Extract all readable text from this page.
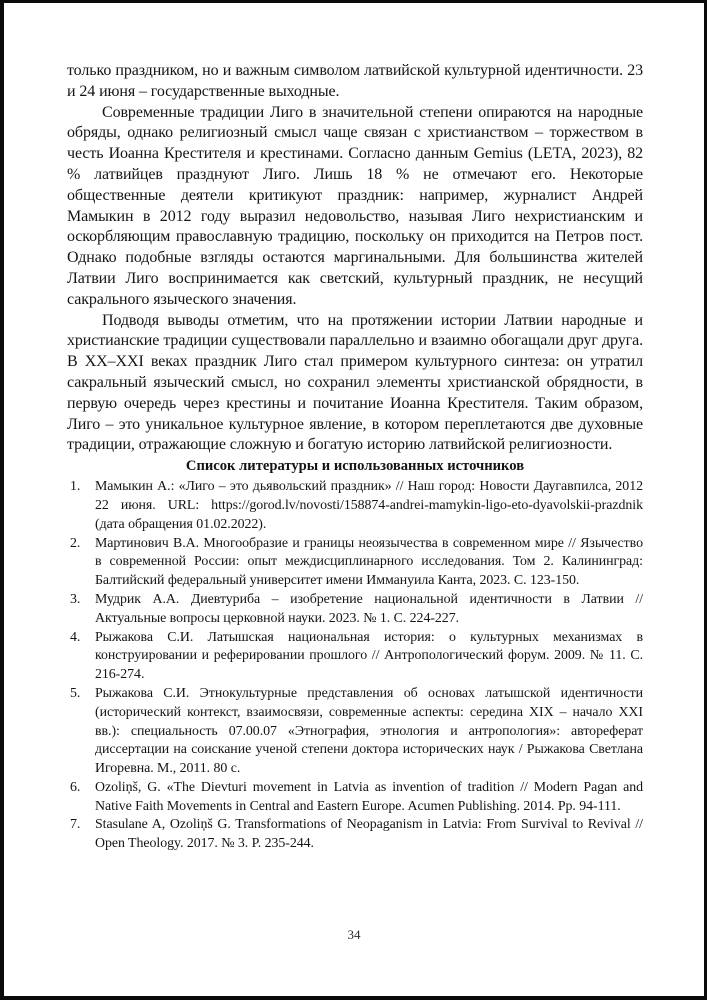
только праздником, но и важным символом латвийской культурной идентичности. 23 и 24 июня – государственные выходные.

Современные традиции Лиго в значительной степени опираются на народные обряды, однако религиозный смысл чаще связан с христианством – торжеством в честь Иоанна Крестителя и крестинами. Согласно данным Gemius (LETA, 2023), 82 % латвийцев празднуют Лиго. Лишь 18 % не отмечают его. Некоторые общественные деятели критикуют праздник: например, журналист Андрей Мамыкин в 2012 году выразил недовольство, называя Лиго нехристианским и оскорбляющим православную традицию, поскольку он приходится на Петров пост. Однако подобные взгляды остаются маргинальными. Для большинства жителей Латвии Лиго воспринимается как светский, культурный праздник, не несущий сакрального языческого значения.

Подводя выводы отметим, что на протяжении истории Латвии народные и христианские традиции существовали параллельно и взаимно обогащали друг друга. В XX–XXI веках праздник Лиго стал примером культурного синтеза: он утратил сакральный языческий смысл, но сохранил элементы христианской обрядности, в первую очередь через крестины и почитание Иоанна Крестителя. Таким образом, Лиго – это уникальное культурное явление, в котором переплетаются две духовные традиции, отражающие сложную и богатую историю латвийской религиозности.

Список литературы и использованных источников
1. Мамыкин А.: «Лиго – это дьявольский праздник» // Наш город: Новости Даугавпилса, 2012 22 июня. URL: https://gorod.lv/novosti/158874-andrei-mamykin-ligo-eto-dyavolskii-prazdnik (дата обращения 01.02.2022).
2. Мартинович В.А. Многообразие и границы неоязычества в современном мире // Язычество в современной России: опыт междисциплинарного исследования. Том 2. Калининград: Балтийский федеральный университет имени Иммануила Канта, 2023. С. 123-150.
3. Мудрик А.А. Диевтуриба – изобретение национальной идентичности в Латвии // Актуальные вопросы церковной науки. 2023. № 1. С. 224-227.
4. Рыжакова С.И. Латышская национальная история: о культурных механизмах в конструировании и реферировании прошлого // Антропологический форум. 2009. № 11. С. 216-274.
5. Рыжакова С.И. Этнокультурные представления об основах латышской идентичности (исторический контекст, взаимосвязи, современные аспекты: середина XIX – начало XXI вв.): специальность 07.00.07 «Этнография, этнология и антропология»: автореферат диссертации на соискание ученой степени доктора исторических наук / Рыжакова Светлана Игоревна. М., 2011. 80 с.
6. Ozoliņš, G. «The Dievturi movement in Latvia as invention of tradition // Modern Pagan and Native Faith Movements in Central and Eastern Europe. Acumen Publishing. 2014. Pp. 94-111.
7. Stasulane A, Ozoliņš G. Transformations of Neopaganism in Latvia: From Survival to Revival // Open Theology. 2017. № 3. P. 235-244.
34
